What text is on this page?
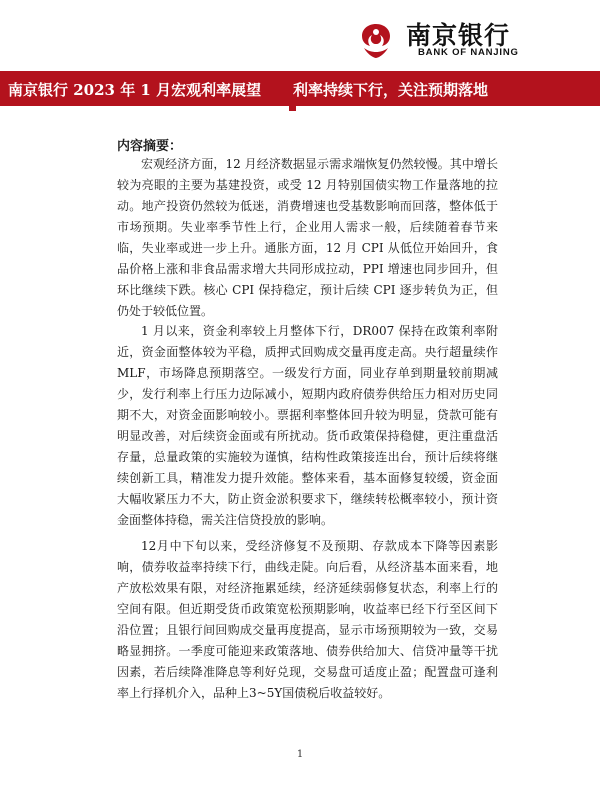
南京银行
BANK OF NANJING
南京银行 2023 年 1 月宏观利率展望 利率持续下行，关注预期落地
内容摘要：

宏观经济方面，12 月经济数据显示需求端恢复仍然较慢。其中增长较为亮眼的主要为基建投资，或受 12 月特别国债实物工作量落地的拉动。地产投资仍然较为低迷，消费增速也受基数影响而回落，整体低于市场预期。失业率季节性上行，企业用人需求一般，后续随着春节来临，失业率或进一步上升。通胀方面，12 月 CPI 从低位开始回升，食品价格上涨和非食品需求增大共同形成拉动，PPI 增速也同步回升，但环比继续下跌。核心 CPI 保持稳定，预计后续 CPI 逐步转负为正，但仍处于较低位置。

1 月以来，资金利率较上月整体下行，DR007 保持在政策利率附近，资金面整体较为平稳，质押式回购成交量再度走高。央行超量续作 MLF，市场降息预期落空。一级发行方面，同业存单到期量较前期减少，发行利率上行压力边际减小，短期内政府债券供给压力相对历史同期不大，对资金面影响较小。票据利率整体回升较为明显，贷款可能有明显改善，对后续资金面或有所扰动。货币政策保持稳健，更注重盘活存量，总量政策的实施较为谨慎，结构性政策接连出台，预计后续将继续创新工具，精准发力提升效能。整体来看，基本面修复较缓，资金面大幅收紧压力不大，防止资金淤积要求下，继续转松概率较小，预计资金面整体持稳，需关注信贷投放的影响。

12月中下旬以来，受经济修复不及预期、存款成本下降等因素影响，债券收益率持续下行，曲线走陡。向后看，从经济基本面来看，地产放松效果有限，对经济拖累延续，经济延续弱修复状态，利率上行的空间有限。但近期受货币政策宽松预期影响，收益率已经下行至区间下沿位置；且银行间回购成交量再度提高，显示市场预期较为一致，交易略显拥挤。一季度可能迎来政策落地、债券供给加大、信贷冲量等干扰因素，若后续降准降息等利好兑现，交易盘可适度止盈；配置盘可逢利率上行择机介入，品种上3~5Y国债税后收益较好。

1
